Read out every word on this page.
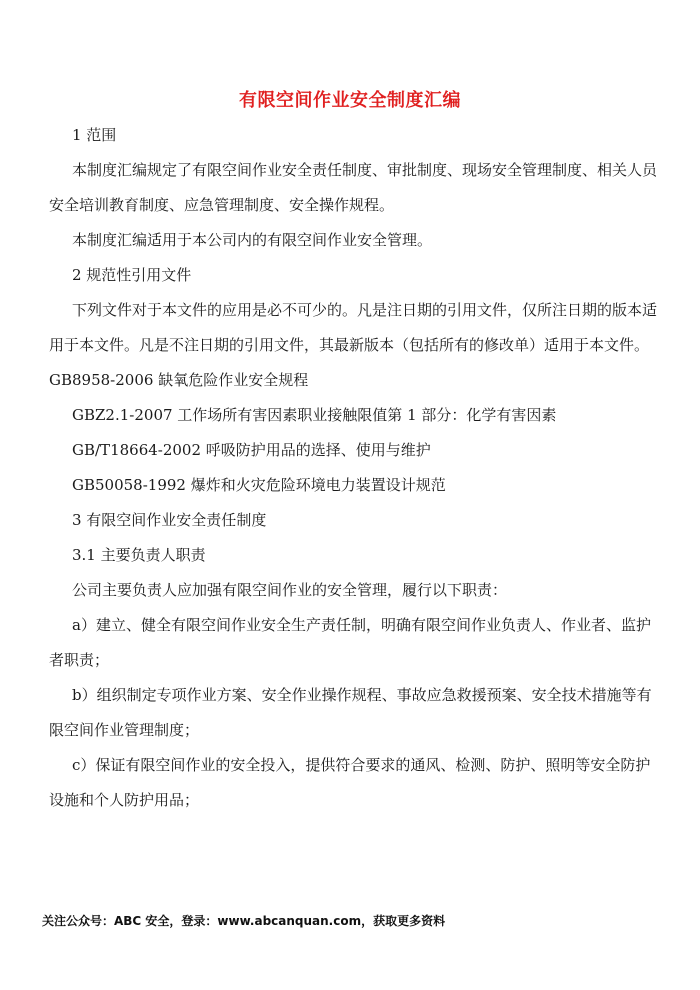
有限空间作业安全制度汇编

1 范围

本制度汇编规定了有限空间作业安全责任制度、审批制度、现场安全管理制度、相关人员安全培训教育制度、应急管理制度、安全操作规程。

本制度汇编适用于本公司内的有限空间作业安全管理。

2 规范性引用文件

下列文件对于本文件的应用是必不可少的。凡是注日期的引用文件，仅所注日期的版本适用于本文件。凡是不注日期的引用文件，其最新版本（包括所有的修改单）适用于本文件。 GB8958-2006 缺氧危险作业安全规程

GBZ2.1-2007 工作场所有害因素职业接触限值第 1 部分：化学有害因素

GB/T18664-2002 呼吸防护用品的选择、使用与维护

GB50058-1992 爆炸和火灾危险环境电力装置设计规范

3 有限空间作业安全责任制度

3.1 主要负责人职责

公司主要负责人应加强有限空间作业的安全管理，履行以下职责：

a）建立、健全有限空间作业安全生产责任制，明确有限空间作业负责人、作业者、监护者职责；

b）组织制定专项作业方案、安全作业操作规程、事故应急救援预案、安全技术措施等有限空间作业管理制度；

c）保证有限空间作业的安全投入，提供符合要求的通风、检测、防护、照明等安全防护设施和个人防护用品；

关注公众号：ABC 安全，登录：www.abcanquan.com，获取更多资料
